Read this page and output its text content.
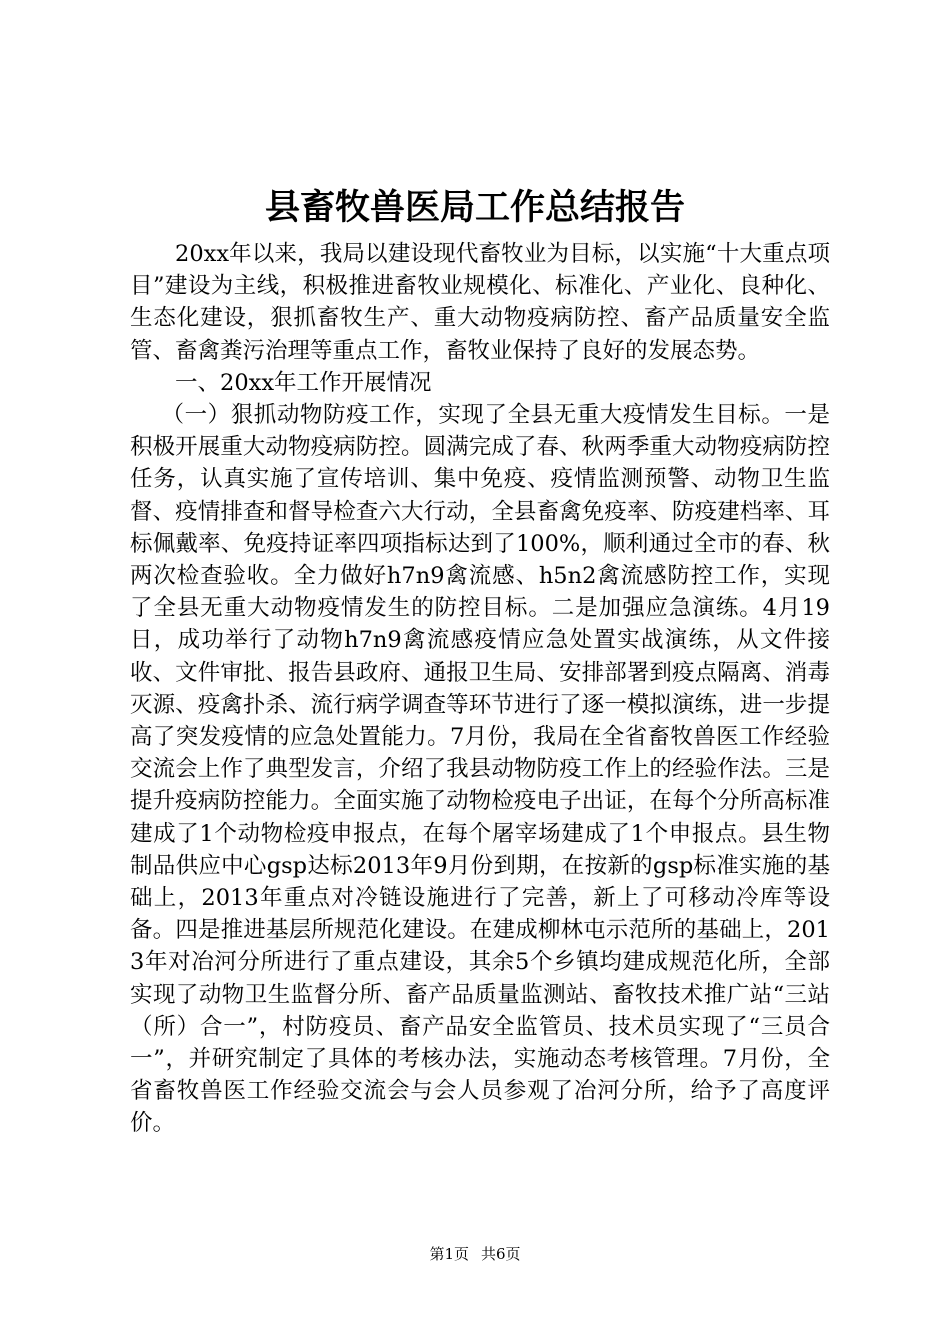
县畜牧兽医局工作总结报告

20xx年以来，我局以建设现代畜牧业为目标，以实施“十大重点项目”建设为主线，积极推进畜牧业规模化、标准化、产业化、良种化、生态化建设，狠抓畜牧生产、重大动物疫病防控、畜产品质量安全监管、畜禽粪污治理等重点工作，畜牧业保持了良好的发展态势。

一、20xx年工作开展情况

（一）狠抓动物防疫工作，实现了全县无重大疫情发生目标。一是积极开展重大动物疫病防控。圆满完成了春、秋两季重大动物疫病防控任务，认真实施了宣传培训、集中免疫、疫情监测预警、动物卫生监督、疫情排查和督导检查六大行动，全县畜禽免疫率、防疫建档率、耳标佩戴率、免疫持证率四项指标达到了100%，顺利通过全市的春、秋两次检查验收。全力做好h7n9禽流感、h5n2禽流感防控工作，实现了全县无重大动物疫情发生的防控目标。二是加强应急演练。4月19日，成功举行了动物h7n9禽流感疫情应急处置实战演练，从文件接收、文件审批、报告县政府、通报卫生局、安排部署到疫点隔离、消毒灭源、疫禽扑杀、流行病学调查等环节进行了逐一模拟演练，进一步提高了突发疫情的应急处置能力。7月份，我局在全省畜牧兽医工作经验交流会上作了典型发言，介绍了我县动物防疫工作上的经验作法。三是提升疫病防控能力。全面实施了动物检疫电子出证，在每个分所高标准建成了1个动物检疫申报点，在每个屠宰场建成了1个申报点。县生物制品供应中心gsp达标2013年9月份到期，在按新的gsp标准实施的基础上，2013年重点对冷链设施进行了完善，新上了可移动冷库等设备。四是推进基层所规范化建设。在建成柳林屯示范所的基础上，2013年对冶河分所进行了重点建设，其余5个乡镇均建成规范化所，全部实现了动物卫生监督分所、畜产品质量监测站、畜牧技术推广站“三站（所）合一”，村防疫员、畜产品安全监管员、技术员实现了“三员合一”，并研究制定了具体的考核办法，实施动态考核管理。7月份，全省畜牧兽医工作经验交流会与会人员参观了冶河分所，给予了高度评价。

第1页 共6页
